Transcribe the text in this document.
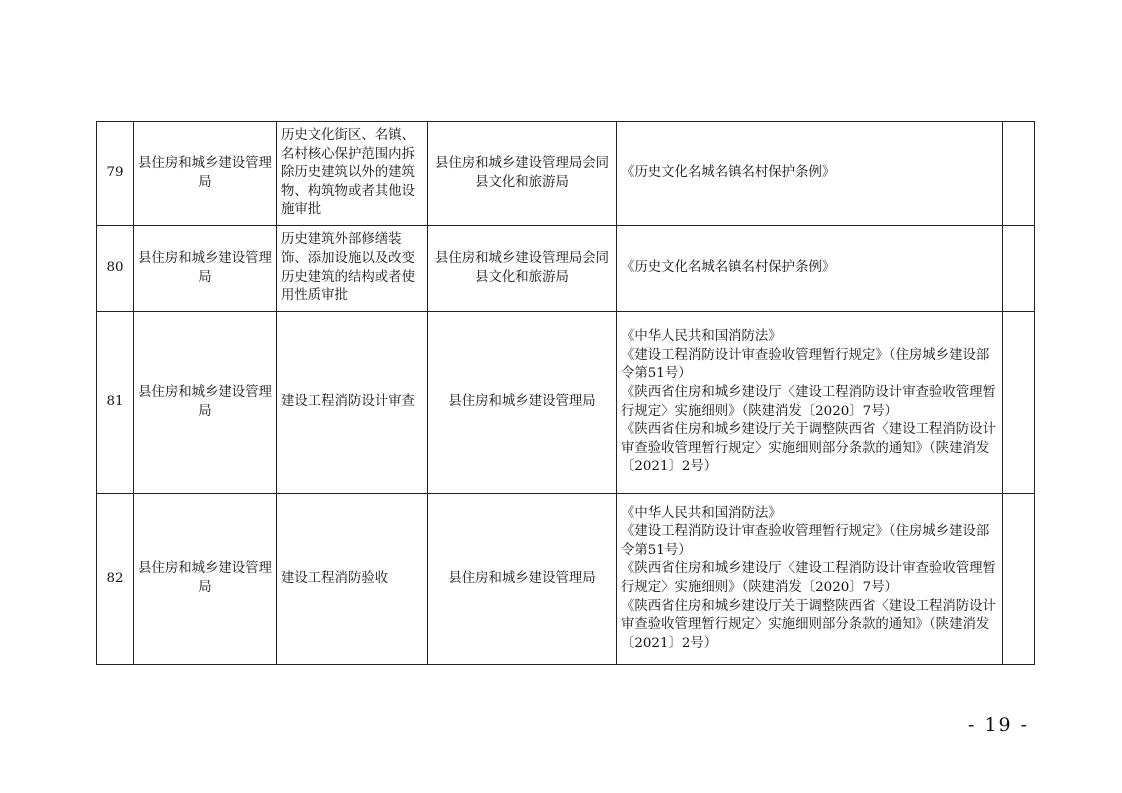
79	县住房和城乡建设管理局	历史文化街区、名镇、名村核心保护范围内拆除历史建筑以外的建筑物、构筑物或者其他设施审批	县住房和城乡建设管理局会同县文化和旅游局	《历史文化名城名镇名村保护条例》	

80	县住房和城乡建设管理局	历史建筑外部修缮装饰、添加设施以及改变历史建筑的结构或者使用性质审批	县住房和城乡建设管理局会同县文化和旅游局	《历史文化名城名镇名村保护条例》	

81	县住房和城乡建设管理局	建设工程消防设计审查	县住房和城乡建设管理局	《中华人民共和国消防法》
《建设工程消防设计审查验收管理暂行规定》（住房城乡建设部令第51号）
《陕西省住房和城乡建设厅〈建设工程消防设计审查验收管理暂行规定〉实施细则》（陕建消发〔2020〕7号）
《陕西省住房和城乡建设厅关于调整陕西省〈建设工程消防设计审查验收管理暂行规定〉实施细则部分条款的通知》（陕建消发〔2021〕2号）	

82	县住房和城乡建设管理局	建设工程消防验收	县住房和城乡建设管理局	《中华人民共和国消防法》
《建设工程消防设计审查验收管理暂行规定》（住房城乡建设部令第51号）
《陕西省住房和城乡建设厅〈建设工程消防设计审查验收管理暂行规定〉实施细则》（陕建消发〔2020〕7号）
《陕西省住房和城乡建设厅关于调整陕西省〈建设工程消防设计审查验收管理暂行规定〉实施细则部分条款的通知》（陕建消发〔2021〕2号）	

- 19 -
